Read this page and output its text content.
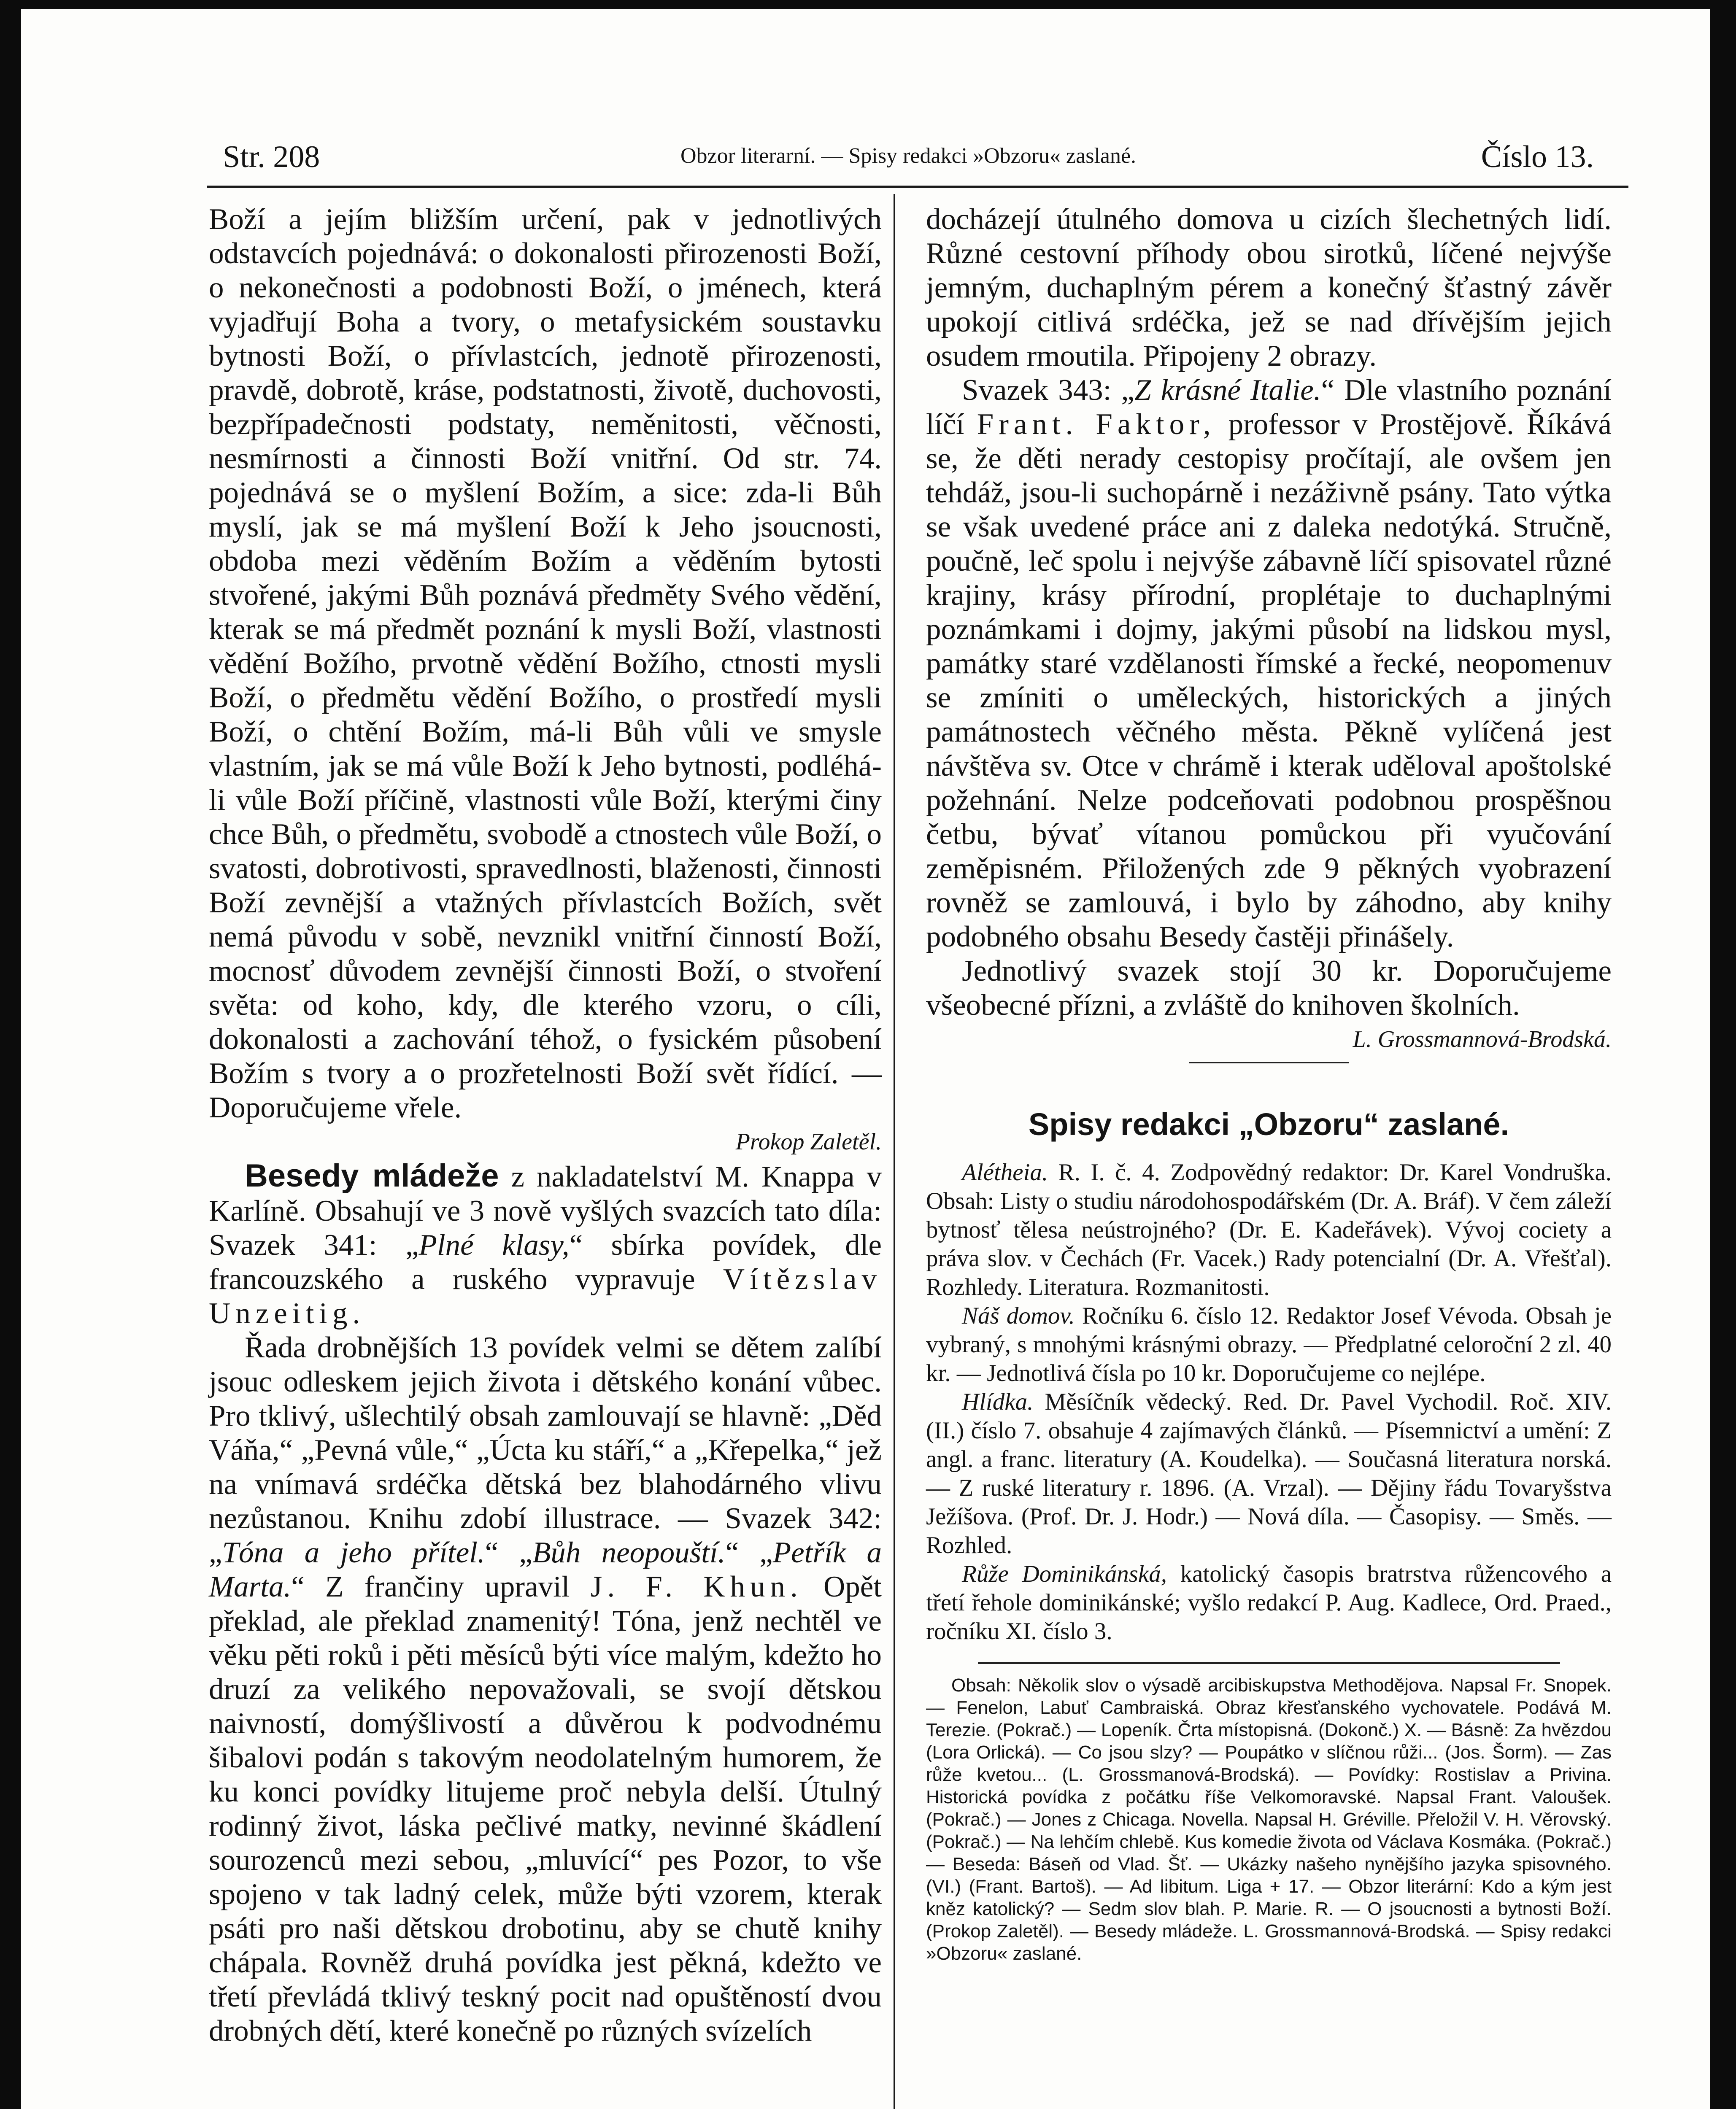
Str. 208	Obzor literarní. — Spisy redakci »Obzoru« zaslané.	Číslo 13.

Boží a jejím bližším určení, pak v jednotlivých odstavcích pojednává: o dokonalosti přirozenosti Boží, o nekonečnosti a podobnosti Boží, o jménech, která vyjadřují Boha a tvory, o metafysickém soustavku bytnosti Boží, o přívlastcích, jednotě přirozenosti, pravdě, dobrotě, kráse, podstatnosti, životě, duchovosti, bezpřípadečnosti podstaty, neměnitosti, věčnosti, nesmírnosti a činnosti Boží vnitřní. Od str. 74. pojednává se o myšlení Božím, a sice: zda-li Bůh myslí, jak se má myšlení Boží k Jeho jsoucnosti, obdoba mezi věděním Božím a věděním bytosti stvořené, jakými Bůh poznává předměty Svého vědění, kterak se má předmět poznání k mysli Boží, vlastnosti vědění Božího, prvotně vědění Božího, ctnosti mysli Boží, o předmětu vědění Božího, o prostředí mysli Boží, o chtění Božím, má-li Bůh vůli ve smysle vlastním, jak se má vůle Boží k Jeho bytnosti, podléhá-li vůle Boží příčině, vlastnosti vůle Boží, kterými činy chce Bůh, o předmětu, svobodě a ctnostech vůle Boží, o svatosti, dobrotivosti, spravedlnosti, blaženosti, činnosti Boží zevnější a vtažných přívlastcích Božích, svět nemá původu v sobě, nevznikl vnitřní činností Boží, mocnosť důvodem zevnější činnosti Boží, o stvoření světa: od koho, kdy, dle kterého vzoru, o cíli, dokonalosti a zachování téhož, o fysickém působení Božím s tvory a o prozřetelnosti Boží svět řídící. — Doporučujeme vřele.

Prokop Zaletěl.

Besedy mládeže z nakladatelství M. Knappa v Karlíně. Obsahují ve 3 nově vyšlých svazcích tato díla: Svazek 341: „Plné klasy,“ sbírka povídek, dle francouzského a ruského vypravuje Vítězslav Unzeitig.

Řada drobnějších 13 povídek velmi se dětem zalíbí jsouc odleskem jejich života i dětského konání vůbec. Pro tklivý, ušlechtilý obsah zamlouvají se hlavně: „Děd Váňa,“ „Pevná vůle,“ „Úcta ku stáří,“ a „Křepelka,“ jež na vnímavá srdéčka dětská bez blahodárného vlivu nezůstanou. Knihu zdobí illustrace. — Svazek 342: „Tóna a jeho přítel.“ „Bůh neopouští.“ „Petřík a Marta.“ Z frančiny upravil J. F. Khun. Opět překlad, ale překlad znamenitý! Tóna, jenž nechtěl ve věku pěti roků i pěti měsíců býti více malým, kdežto ho druzí za velikého nepovažovali, se svojí dětskou naivností, domýšlivostí a důvěrou k podvodnému šibalovi podán s takovým neodolatelným humorem, že ku konci povídky litujeme proč nebyla delší. Útulný rodinný život, láska pečlivé matky, nevinné škádlení sourozenců mezi sebou, „mluvící“ pes Pozor, to vše spojeno v tak ladný celek, může býti vzorem, kterak psáti pro naši dětskou drobotinu, aby se chutě knihy chápala. Rovněž druhá povídka jest pěkná, kdežto ve třetí převládá tklivý teskný pocit nad opuštěností dvou drobných dětí, které konečně po různých svízelích

docházejí útulného domova u cizích šlechetných lidí. Různé cestovní příhody obou sirotků, líčené nejvýše jemným, duchaplným pérem a konečný šťastný závěr upokojí citlivá srdéčka, jež se nad dřívějším jejich osudem rmoutila. Připojeny 2 obrazy.

Svazek 343: „Z krásné Italie.“ Dle vlastního poznání líčí Frant. Faktor, professor v Prostějově. Říkává se, že děti nerady cestopisy pročítají, ale ovšem jen tehdáž, jsou-li suchopárně i nezáživně psány. Tato výtka se však uvedené práce ani z daleka nedotýká. Stručně, poučně, leč spolu i nejvýše zábavně líčí spisovatel různé krajiny, krásy přírodní, proplétaje to duchaplnými poznámkami i dojmy, jakými působí na lidskou mysl, památky staré vzdělanosti římské a řecké, neopomenuv se zmíniti o uměleckých, historických a jiných památnostech věčného města. Pěkně vylíčená jest návštěva sv. Otce v chrámě i kterak uděloval apoštolské požehnání. Nelze podceňovati podobnou prospěšnou četbu, bývať vítanou pomůckou při vyučování zeměpisném. Přiložených zde 9 pěkných vyobrazení rovněž se zamlouvá, i bylo by záhodno, aby knihy podobného obsahu Besedy častěji přinášely.

Jednotlivý svazek stojí 30 kr. Doporučujeme všeobecné přízni, a zvláště do knihoven školních.

L. Grossmannová-Brodská.

Spisy redakci „Obzoru“ zaslané.

Alétheia. R. I. č. 4. Zodpovědný redaktor: Dr. Karel Vondruška. Obsah: Listy o studiu národohospodářském (Dr. A. Bráf). V čem záleží bytnosť tělesa neústrojného? (Dr. E. Kadeřávek). Vývoj cociety a práva slov. v Čechách (Fr. Vacek.) Rady potencialní (Dr. A. Vřešťal). Rozhledy. Literatura. Rozmanitosti.

Náš domov. Ročníku 6. číslo 12. Redaktor Josef Vévoda. Obsah je vybraný, s mnohými krásnými obrazy. — Předplatné celoroční 2 zl. 40 kr. — Jednotlivá čísla po 10 kr. Doporučujeme co nejlépe.

Hlídka. Měsíčník vědecký. Red. Dr. Pavel Vychodil. Roč. XIV. (II.) číslo 7. obsahuje 4 zajímavých článků. — Písemnictví a umění: Z angl. a franc. literatury (A. Koudelka). — Současná literatura norská. — Z ruské literatury r. 1896. (A. Vrzal). — Dějiny řádu Tovaryšstva Ježíšova. (Prof. Dr. J. Hodr.) — Nová díla. — Časopisy. — Směs. — Rozhled.

Růže Dominikánská, katolický časopis bratrstva růžencového a třetí řehole dominikánské; vyšlo redakcí P. Aug. Kadlece, Ord. Praed., ročníku XI. číslo 3.

Obsah: Několik slov o výsadě arcibiskupstva Methodějova. Napsal Fr. Snopek. — Fenelon, Labuť Cambraiská. Obraz křesťanského vychovatele. Podává M. Terezie. (Pokrač.) — Lopeník. Črta místopisná. (Dokonč.) X. — Básně: Za hvězdou (Lora Orlická). — Co jsou slzy? — Poupátko v slíčnou růži... (Jos. Šorm). — Zas růže kvetou... (L. Grossmanová-Brodská). — Povídky: Rostislav a Privina. Historická povídka z počátku říše Velkomoravské. Napsal Frant. Valoušek. (Pokrač.) — Jones z Chicaga. Novella. Napsal H. Gréville. Přeložil V. H. Věrovský. (Pokrač.) — Na lehčím chlebě. Kus komedie života od Václava Kosmáka. (Pokrač.) — Beseda: Báseň od Vlad. Šť. — Ukázky našeho nynějšího jazyka spisovného. (VI.) (Frant. Bartoš). — Ad libitum. Liga + 17. — Obzor literární: Kdo a kým jest kněz katolický? — Sedm slov blah. P. Marie. R. — O jsoucnosti a bytnosti Boží. (Prokop Zaletěl). — Besedy mládeže. L. Grossmannová-Brodská. — Spisy redakci »Obzoru« zaslané.
